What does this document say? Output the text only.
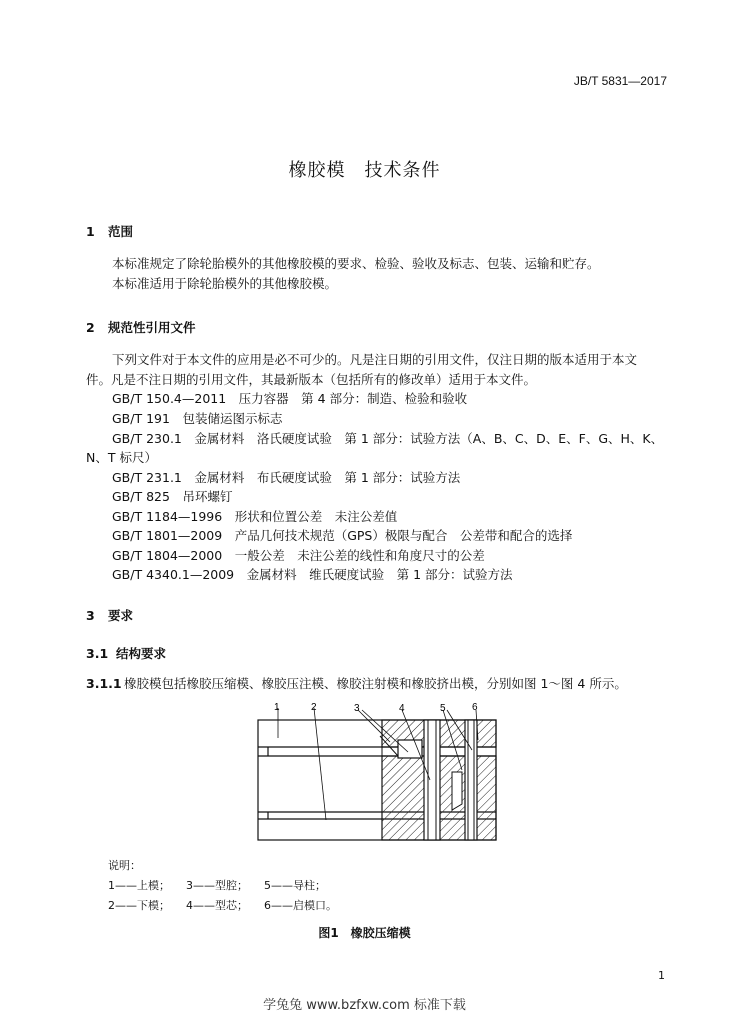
JB/T 5831—2017
橡胶模　技术条件
1 范围
本标准规定了除轮胎模外的其他橡胶模的要求、检验、验收及标志、包装、运输和贮存。
本标准适用于除轮胎模外的其他橡胶模。
2 规范性引用文件
下列文件对于本文件的应用是必不可少的。凡是注日期的引用文件，仅注日期的版本适用于本文
件。凡是不注日期的引用文件，其最新版本（包括所有的修改单）适用于本文件。
GB/T 150.4—2011　压力容器　第 4 部分：制造、检验和验收
GB/T 191　包装储运图示标志
GB/T 230.1　金属材料　洛氏硬度试验　第 1 部分：试验方法（A、B、C、D、E、F、G、H、K、
N、T 标尺）
GB/T 231.1　金属材料　布氏硬度试验　第 1 部分：试验方法
GB/T 825　吊环螺钉
GB/T 1184—1996　形状和位置公差　未注公差值
GB/T 1801—2009　产品几何技术规范（GPS）极限与配合　公差带和配合的选择
GB/T 1804—2000　一般公差　未注公差的线性和角度尺寸的公差
GB/T 4340.1—2009　金属材料　维氏硬度试验　第 1 部分：试验方法
3 要求
3.1 结构要求
3.1.1 橡胶模包括橡胶压缩模、橡胶压注模、橡胶注射模和橡胶挤出模，分别如图 1～图 4 所示。
1	2	3	4	5	6
说明：
1——上模； 3——型腔； 5——导柱；
2——下模； 4——型芯； 6——启模口。
图1　橡胶压缩模
1
学兔兔 www.bzfxw.com 标准下载
